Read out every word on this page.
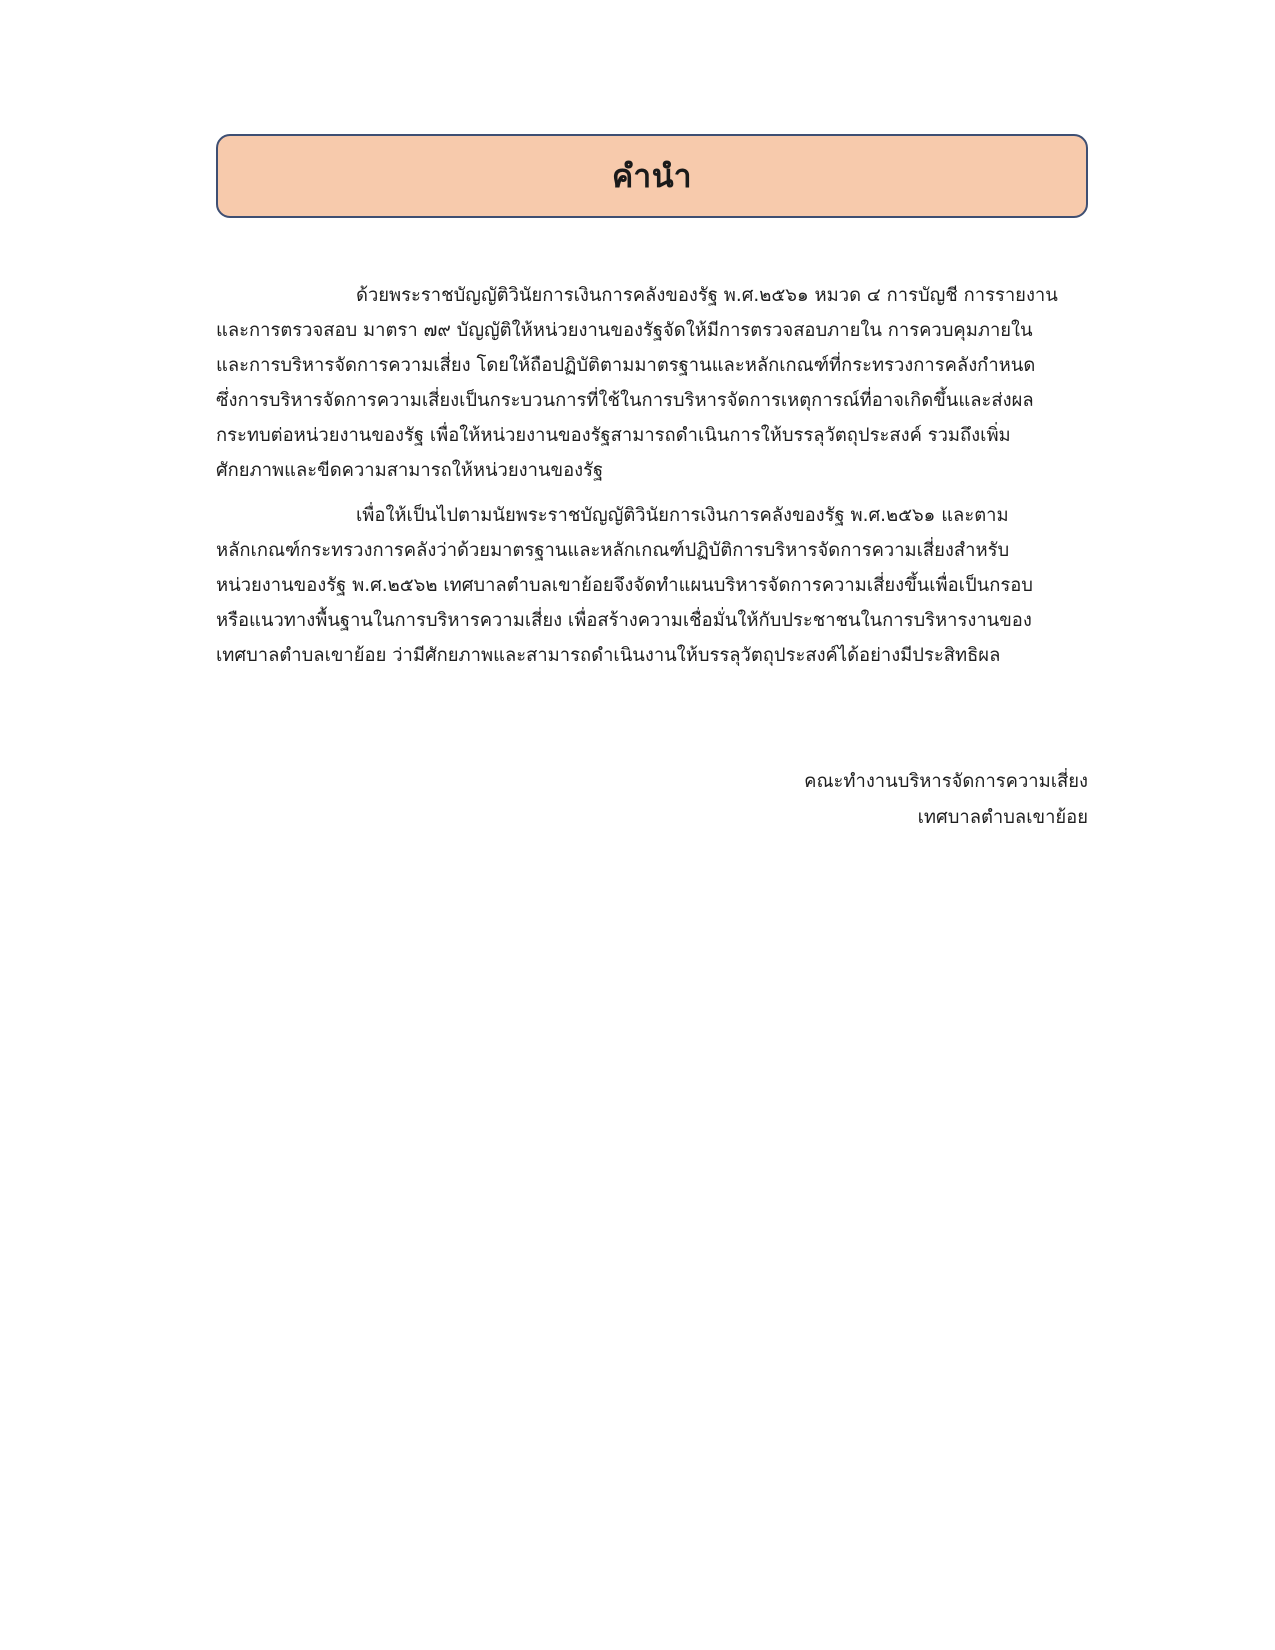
คำนำ

ด้วยพระราชบัญญัติวินัยการเงินการคลังของรัฐ พ.ศ.๒๕๖๑ หมวด ๔ การบัญชี การรายงาน
และการตรวจสอบ มาตรา ๗๙ บัญญัติให้หน่วยงานของรัฐจัดให้มีการตรวจสอบภายใน การควบคุมภายใน
และการบริหารจัดการความเสี่ยง โดยให้ถือปฏิบัติตามมาตรฐานและหลักเกณฑ์ที่กระทรวงการคลังกำหนด
ซึ่งการบริหารจัดการความเสี่ยงเป็นกระบวนการที่ใช้ในการบริหารจัดการเหตุการณ์ที่อาจเกิดขึ้นและส่งผล
กระทบต่อหน่วยงานของรัฐ เพื่อให้หน่วยงานของรัฐสามารถดำเนินการให้บรรลุวัตถุประสงค์ รวมถึงเพิ่ม
ศักยภาพและขีดความสามารถให้หน่วยงานของรัฐ

เพื่อให้เป็นไปตามนัยพระราชบัญญัติวินัยการเงินการคลังของรัฐ พ.ศ.๒๕๖๑ และตาม
หลักเกณฑ์กระทรวงการคลังว่าด้วยมาตรฐานและหลักเกณฑ์ปฏิบัติการบริหารจัดการความเสี่ยงสำหรับ
หน่วยงานของรัฐ พ.ศ.๒๕๖๒ เทศบาลตำบลเขาย้อยจึงจัดทำแผนบริหารจัดการความเสี่ยงขึ้นเพื่อเป็นกรอบ
หรือแนวทางพื้นฐานในการบริหารความเสี่ยง เพื่อสร้างความเชื่อมั่นให้กับประชาชนในการบริหารงานของ
เทศบาลตำบลเขาย้อย ว่ามีศักยภาพและสามารถดำเนินงานให้บรรลุวัตถุประสงค์ได้อย่างมีประสิทธิผล

คณะทำงานบริหารจัดการความเสี่ยง
เทศบาลตำบลเขาย้อย
